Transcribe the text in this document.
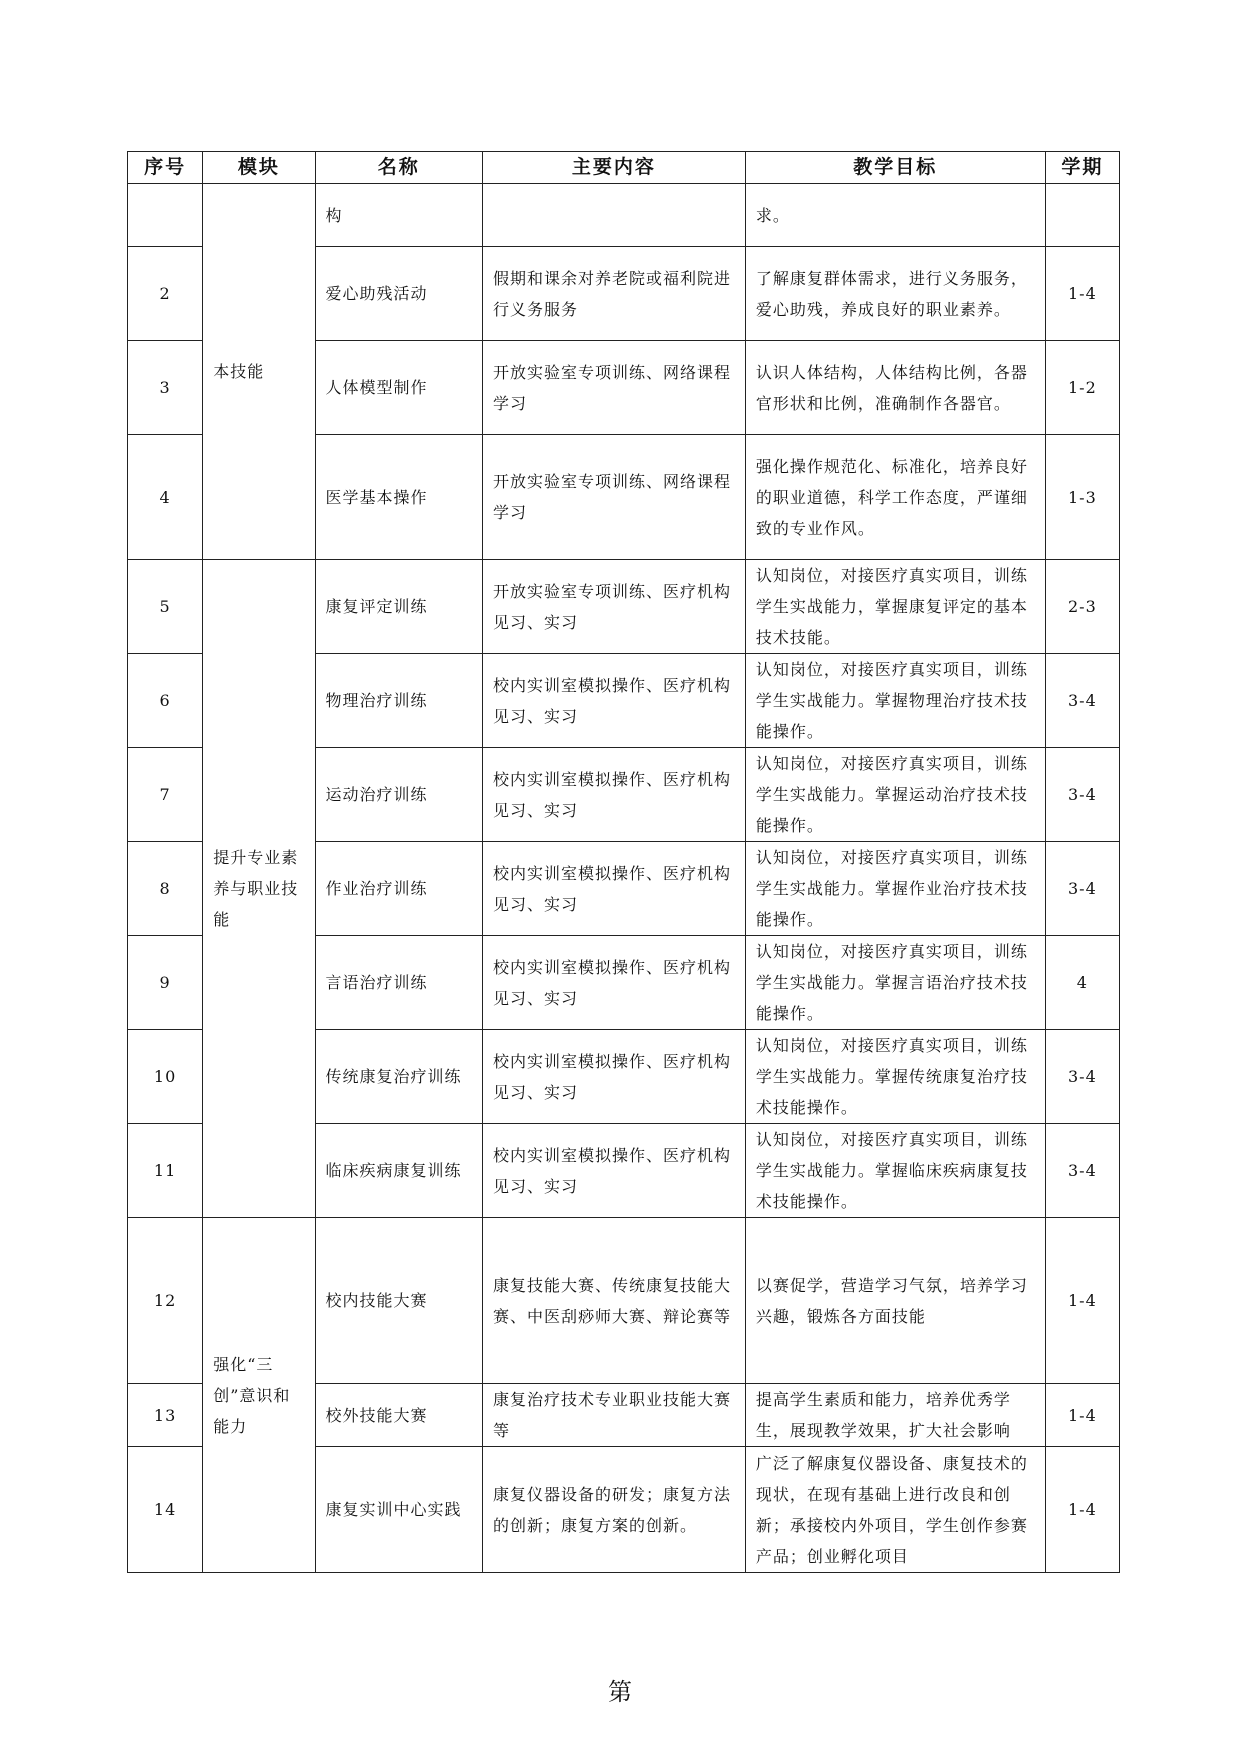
序号	模块	名称	主要内容	教学目标	学期
	本技能	构		求。	
2		爱心助残活动	假期和课余对养老院或福利院进行义务服务	了解康复群体需求，进行义务服务，爱心助残，养成良好的职业素养。	1-4
3		人体模型制作	开放实验室专项训练、网络课程学习	认识人体结构，人体结构比例，各器官形状和比例，准确制作各器官。	1-2
4		医学基本操作	开放实验室专项训练、网络课程学习	强化操作规范化、标准化，培养良好的职业道德，科学工作态度，严谨细致的专业作风。	1-3
5	提升专业素养与职业技能	康复评定训练	开放实验室专项训练、医疗机构见习、实习	认知岗位，对接医疗真实项目，训练学生实战能力，掌握康复评定的基本技术技能。	2-3
6		物理治疗训练	校内实训室模拟操作、医疗机构见习、实习	认知岗位，对接医疗真实项目，训练学生实战能力。掌握物理治疗技术技能操作。	3-4
7		运动治疗训练	校内实训室模拟操作、医疗机构见习、实习	认知岗位，对接医疗真实项目，训练学生实战能力。掌握运动治疗技术技能操作。	3-4
8		作业治疗训练	校内实训室模拟操作、医疗机构见习、实习	认知岗位，对接医疗真实项目，训练学生实战能力。掌握作业治疗技术技能操作。	3-4
9		言语治疗训练	校内实训室模拟操作、医疗机构见习、实习	认知岗位，对接医疗真实项目，训练学生实战能力。掌握言语治疗技术技能操作。	4
10		传统康复治疗训练	校内实训室模拟操作、医疗机构见习、实习	认知岗位，对接医疗真实项目，训练学生实战能力。掌握传统康复治疗技术技能操作。	3-4
11		临床疾病康复训练	校内实训室模拟操作、医疗机构见习、实习	认知岗位，对接医疗真实项目，训练学生实战能力。掌握临床疾病康复技术技能操作。	3-4
12	强化“三创”意识和能力	校内技能大赛	康复技能大赛、传统康复技能大赛、中医刮痧师大赛、辩论赛等	以赛促学，营造学习气氛，培养学习兴趣，锻炼各方面技能	1-4
13		校外技能大赛	康复治疗技术专业职业技能大赛等	提高学生素质和能力，培养优秀学生，展现教学效果，扩大社会影响	1-4
14		康复实训中心实践	康复仪器设备的研发；康复方法的创新；康复方案的创新。	广泛了解康复仪器设备、康复技术的现状，在现有基础上进行改良和创新；承接校内外项目，学生创作参赛产品；创业孵化项目	1-4
第
